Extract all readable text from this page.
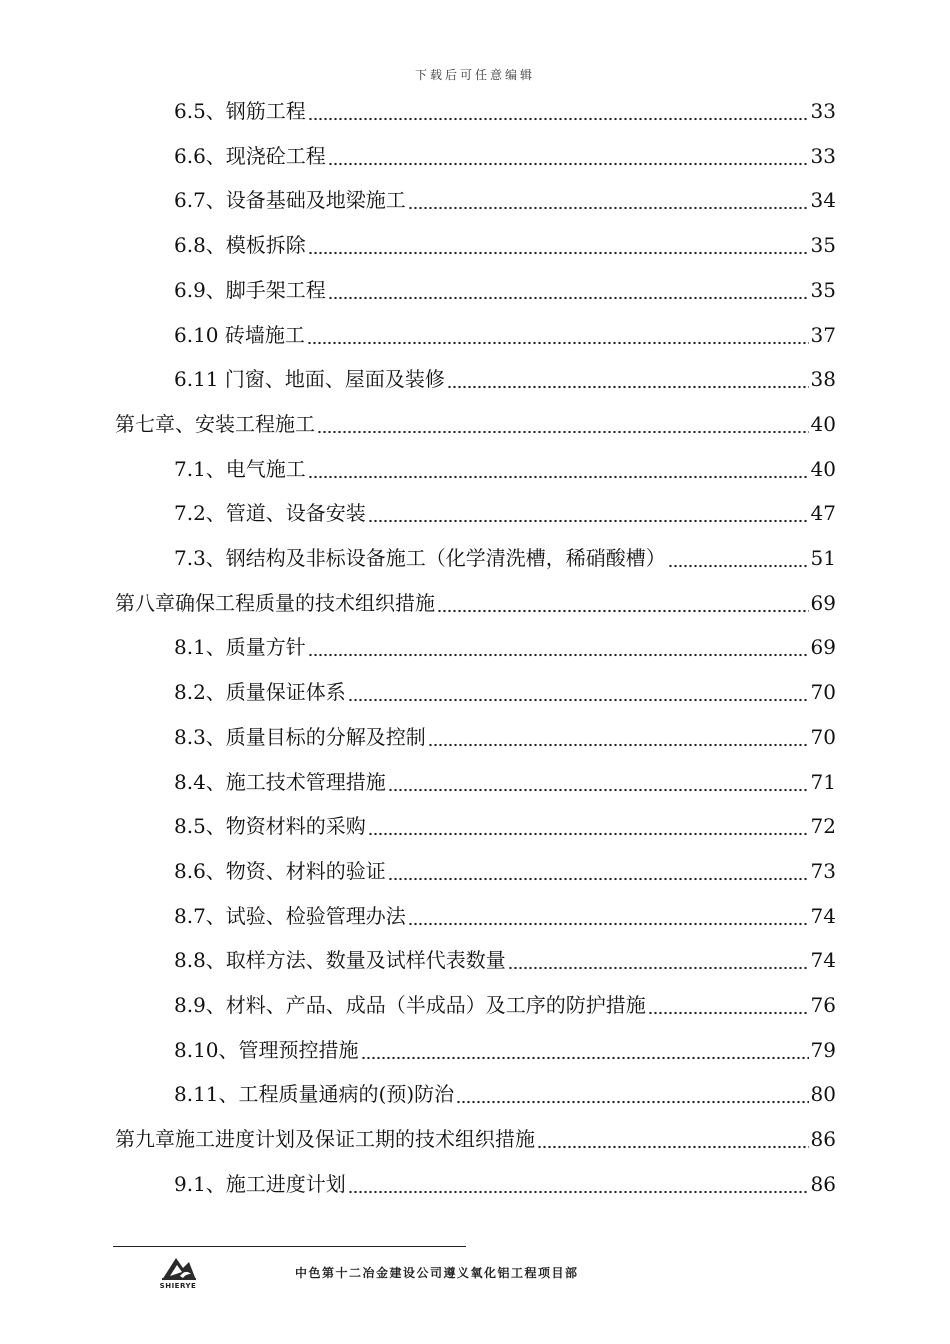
下载后可任意编辑
6.5、钢筋工程	33
6.6、现浇砼工程	33
6.7、设备基础及地梁施工	34
6.8、模板拆除	35
6.9、脚手架工程	35
6.10 砖墙施工	37
6.11 门窗、地面、屋面及装修	38
第七章、安装工程施工	40
7.1、电气施工	40
7.2、管道、设备安装	47
7.3、钢结构及非标设备施工（化学清洗槽，稀硝酸槽）	51
第八章确保工程质量的技术组织措施	69
8.1、质量方针	69
8.2、质量保证体系	70
8.3、质量目标的分解及控制	70
8.4、施工技术管理措施	71
8.5、物资材料的采购	72
8.6、物资、材料的验证	73
8.7、试验、检验管理办法	74
8.8、取样方法、数量及试样代表数量	74
8.9、材料、产品、成品（半成品）及工序的防护措施	76
8.10、管理预控措施	79
8.11、工程质量通病的(预)防治	80
第九章施工进度计划及保证工期的技术组织措施	86
9.1、施工进度计划	86
SHIERYE
中色第十二冶金建设公司遵义氧化铝工程项目部
